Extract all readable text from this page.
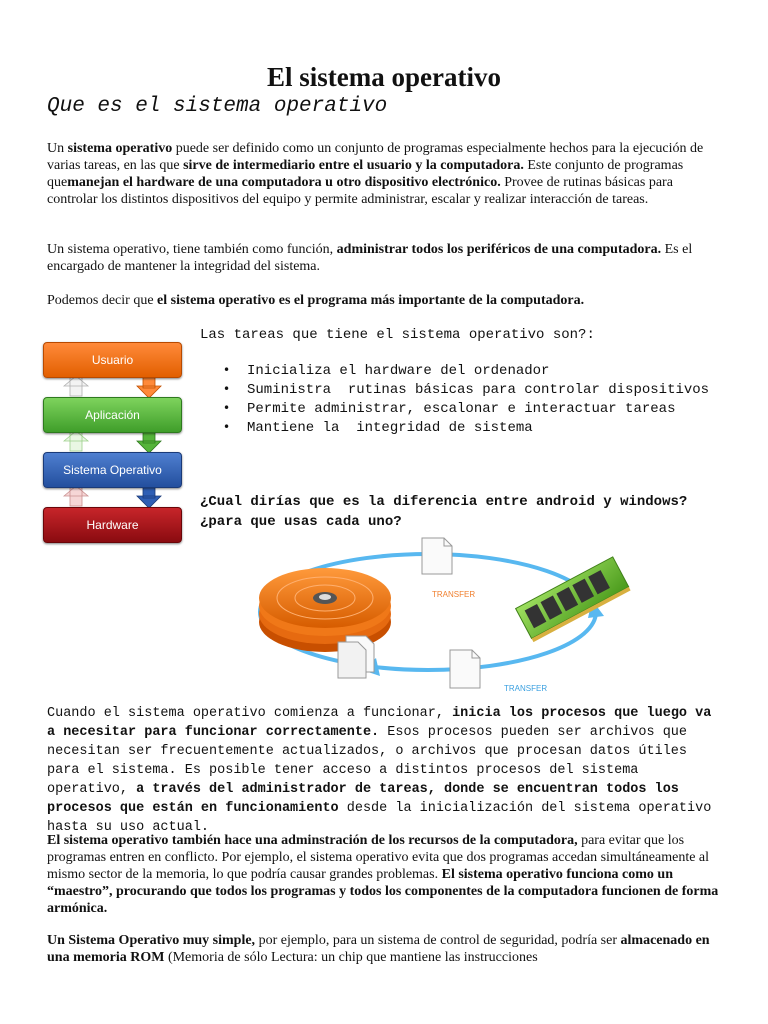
El sistema operativo
Que es el sistema operativo
Un sistema operativo puede ser definido como un conjunto de programas especialmente hechos para la ejecución de varias tareas, en las que sirve de intermediario entre el usuario y la computadora. Este conjunto de programas quemanejan el hardware de una computadora u otro dispositivo electrónico. Provee de rutinas básicas para controlar los distintos dispositivos del equipo y permite administrar, escalar y realizar interacción de tareas.
Un sistema operativo, tiene también como función, administrar todos los periféricos de una computadora. Es el encargado de mantener la integridad del sistema.
Podemos decir que el sistema operativo es el programa más importante de la computadora.
Usuario
Aplicación
Sistema Operativo
Hardware
Las tareas que tiene el sistema operativo son?:
• Inicializa el hardware del ordenador
• Suministra  rutinas básicas para controlar dispositivos
• Permite administrar, escalonar e interactuar tareas
• Mantiene la  integridad de sistema
¿Cual dirías que es la diferencia entre android y windows? ¿para que usas cada uno?
TRANSFER
TRANSFER
Cuando el sistema operativo comienza a funcionar, inicia los procesos que luego va a necesitar para funcionar correctamente. Esos procesos pueden ser archivos que necesitan ser frecuentemente actualizados, o archivos que procesan datos útiles para el sistema. Es posible tener acceso a distintos procesos del sistema operativo, a través del administrador de tareas, donde se encuentran todos los procesos que están en funcionamiento desde la inicialización del sistema operativo hasta su uso actual.
El sistema operativo también hace una adminstración de los recursos de la computadora, para evitar que los programas entren en conflicto. Por ejemplo, el sistema operativo evita que dos programas accedan simultáneamente al mismo sector de la memoria, lo que podría causar grandes problemas. El sistema operativo funciona como un “maestro”, procurando que todos los programas y todos los componentes de la computadora funcionen de forma armónica.
Un Sistema Operativo muy simple, por ejemplo, para un sistema de control de seguridad, podría ser almacenado en una memoria ROM (Memoria de sólo Lectura: un chip que mantiene las instrucciones
